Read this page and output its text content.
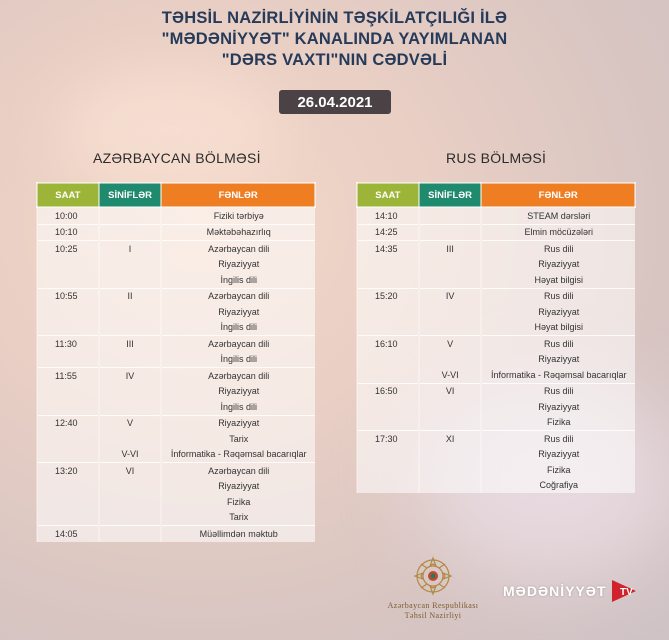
TƏHSİL NAZİRLİYİNİN TƏŞKİLATÇILIĞI İLƏ
"MƏDƏNİYYƏT" KANALINDA YAYIMLANAN
"DƏRS VAXTI"NIN CƏDVƏLİ
26.04.2021
AZƏRBAYCAN BÖLMƏSİ	RUS BÖLMƏSİ
SAAT	SİNİFLƏR	FƏNLƏR
10:00		Fiziki tərbiyə
10:10		Məktəbəhazırlıq
10:25	I	Azərbaycan dili
		Riyaziyyat
		İngilis dili
10:55	II	Azərbaycan dili
		Riyaziyyat
		İngilis dili
11:30	III	Azərbaycan dili
		İngilis dili
11:55	IV	Azərbaycan dili
		Riyaziyyat
		İngilis dili
12:40	V	Riyaziyyat
		Tarix
	V-VI	İnformatika - Rəqəmsal bacarıqlar
13:20	VI	Azərbaycan dili
		Riyaziyyat
		Fizika
		Tarix
14:05		Müəllimdən məktub
SAAT	SİNİFLƏR	FƏNLƏR
14:10		STEAM dərsləri
14:25		Elmin möcüzələri
14:35	III	Rus dili
		Riyaziyyat
		Həyat bilgisi
15:20	IV	Rus dili
		Riyaziyyat
		Həyat bilgisi
16:10	V	Rus dili
		Riyaziyyat
	V-VI	İnformatika - Rəqəmsal bacarıqlar
16:50	VI	Rus dili
		Riyaziyyat
		Fizika
17:30	XI	Rus dili
		Riyaziyyat
		Fizika
		Coğrafiya
Azərbaycan Respublikası
Təhsil Nazirliyi
MƏDƏNİYYƏT TV
